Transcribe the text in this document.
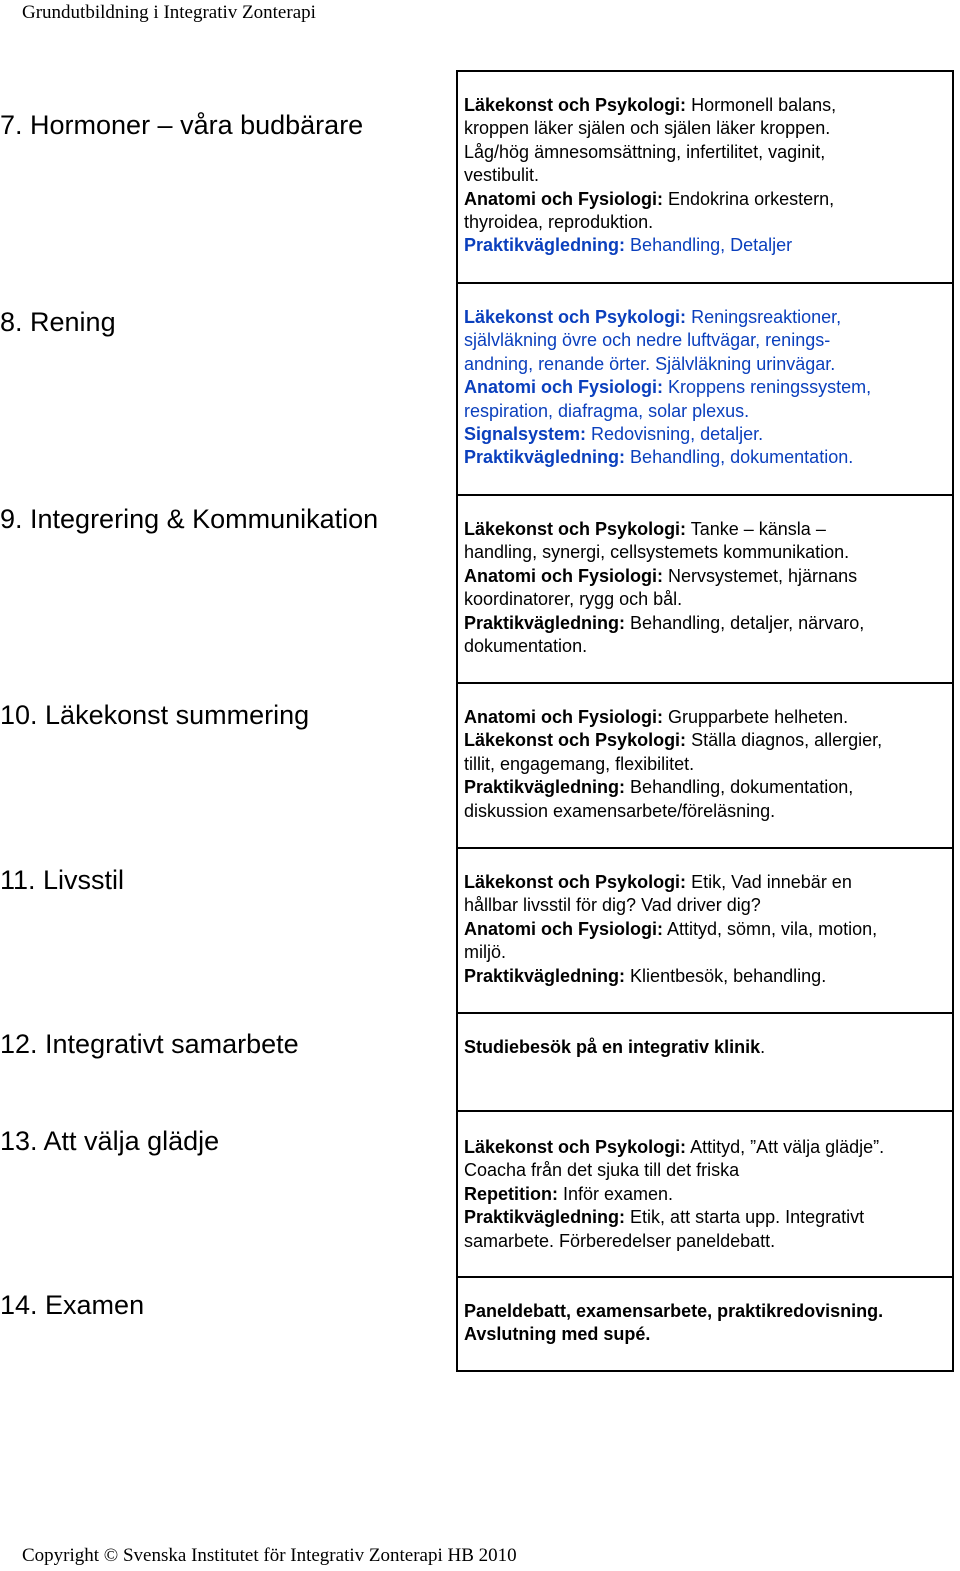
Grundutbildning i Integrativ Zonterapi
7. Hormoner – våra budbärare
8. Rening
9. Integrering & Kommunikation
10. Läkekonst summering
11. Livsstil
12. Integrativt samarbete
13. Att välja glädje
14. Examen
Läkekonst och Psykologi: Hormonell balans,
kroppen läker själen och själen läker kroppen.
Låg/hög ämnesomsättning, infertilitet, vaginit,
vestibulit.
Anatomi och Fysiologi: Endokrina orkestern,
thyroidea, reproduktion.
Praktikvägledning: Behandling, Detaljer
Läkekonst och Psykologi: Reningsreaktioner,
självläkning övre och nedre luftvägar, renings-
andning, renande örter. Självläkning urinvägar.
Anatomi och Fysiologi: Kroppens reningssystem,
respiration, diafragma, solar plexus.
Signalsystem: Redovisning, detaljer.
Praktikvägledning: Behandling, dokumentation.
Läkekonst och Psykologi: Tanke – känsla –
handling, synergi, cellsystemets kommunikation.
Anatomi och Fysiologi: Nervsystemet, hjärnans
koordinatorer, rygg och bål.
Praktikvägledning: Behandling, detaljer, närvaro,
dokumentation.
Anatomi och Fysiologi: Grupparbete helheten.
Läkekonst och Psykologi: Ställa diagnos, allergier,
tillit, engagemang, flexibilitet.
Praktikvägledning: Behandling, dokumentation,
diskussion examensarbete/föreläsning.
Läkekonst och Psykologi: Etik, Vad innebär en
hållbar livsstil för dig? Vad driver dig?
Anatomi och Fysiologi: Attityd, sömn, vila, motion,
miljö.
Praktikvägledning: Klientbesök, behandling.
Studiebesök på en integrativ klinik.
Läkekonst och Psykologi: Attityd, ”Att välja glädje”.
Coacha från det sjuka till det friska
Repetition: Inför examen.
Praktikvägledning: Etik, att starta upp. Integrativt
samarbete. Förberedelser paneldebatt.
Paneldebatt, examensarbete, praktikredovisning.
Avslutning med supé.
Copyright © Svenska Institutet för Integrativ Zonterapi HB 2010
